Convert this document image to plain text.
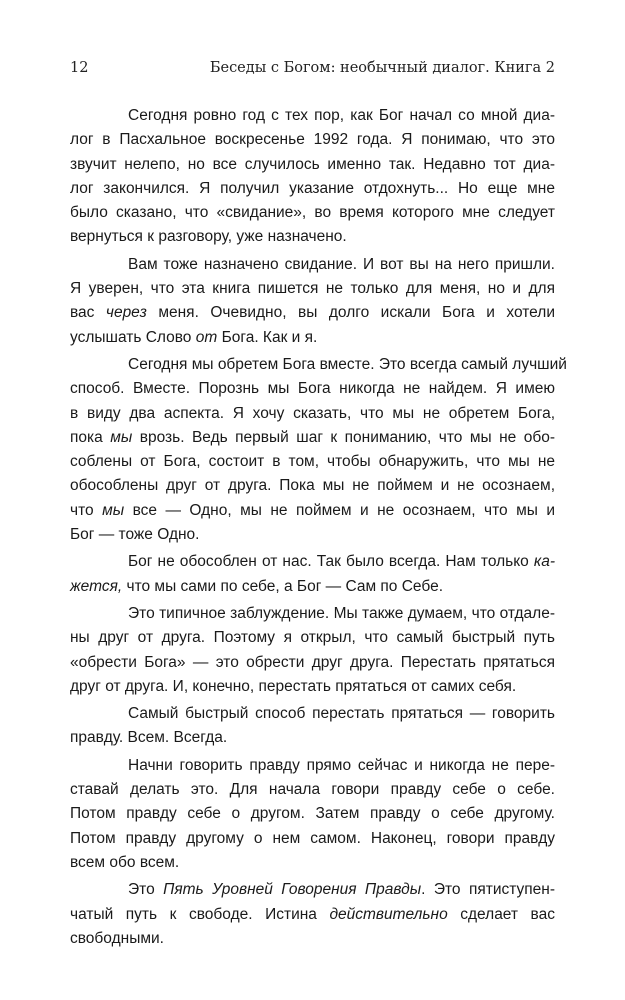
12	Беседы с Богом: необычный диалог. Книга 2
Сегодня ровно год с тех пор, как Бог начал со мной диа-
лог в Пасхальное воскресенье 1992 года. Я понимаю, что это
звучит нелепо, но все случилось именно так. Недавно тот диа-
лог закончился. Я получил указание отдохнуть... Но еще мне
было сказано, что «свидание», во время которого мне следует
вернуться к разговору, уже назначено.
Вам тоже назначено свидание. И вот вы на него пришли.
Я уверен, что эта книга пишется не только для меня, но и для
вас через меня. Очевидно, вы долго искали Бога и хотели
услышать Слово от Бога. Как и я.
Сегодня мы обретем Бога вместе. Это всегда самый лучший
способ. Вместе. Порознь мы Бога никогда не найдем. Я имею
в виду два аспекта. Я хочу сказать, что мы не обретем Бога,
пока мы врозь. Ведь первый шаг к пониманию, что мы не обо-
соблены от Бога, состоит в том, чтобы обнаружить, что мы не
обособлены друг от друга. Пока мы не поймем и не осознаем,
что мы все — Одно, мы не поймем и не осознаем, что мы и
Бог — тоже Одно.
Бог не обособлен от нас. Так было всегда. Нам только ка-
жется, что мы сами по себе, а Бог — Сам по Себе.
Это типичное заблуждение. Мы также думаем, что отдале-
ны друг от друга. Поэтому я открыл, что самый быстрый путь
«обрести Бога» — это обрести друг друга. Перестать прятаться
друг от друга. И, конечно, перестать прятаться от самих себя.
Самый быстрый способ перестать прятаться — говорить
правду. Всем. Всегда.
Начни говорить правду прямо сейчас и никогда не пере-
ставай делать это. Для начала говори правду себе о себе.
Потом правду себе о другом. Затем правду о себе другому.
Потом правду другому о нем самом. Наконец, говори правду
всем обо всем.
Это Пять Уровней Говорения Правды. Это пятиступен-
чатый путь к свободе. Истина действительно сделает вас
свободными.
